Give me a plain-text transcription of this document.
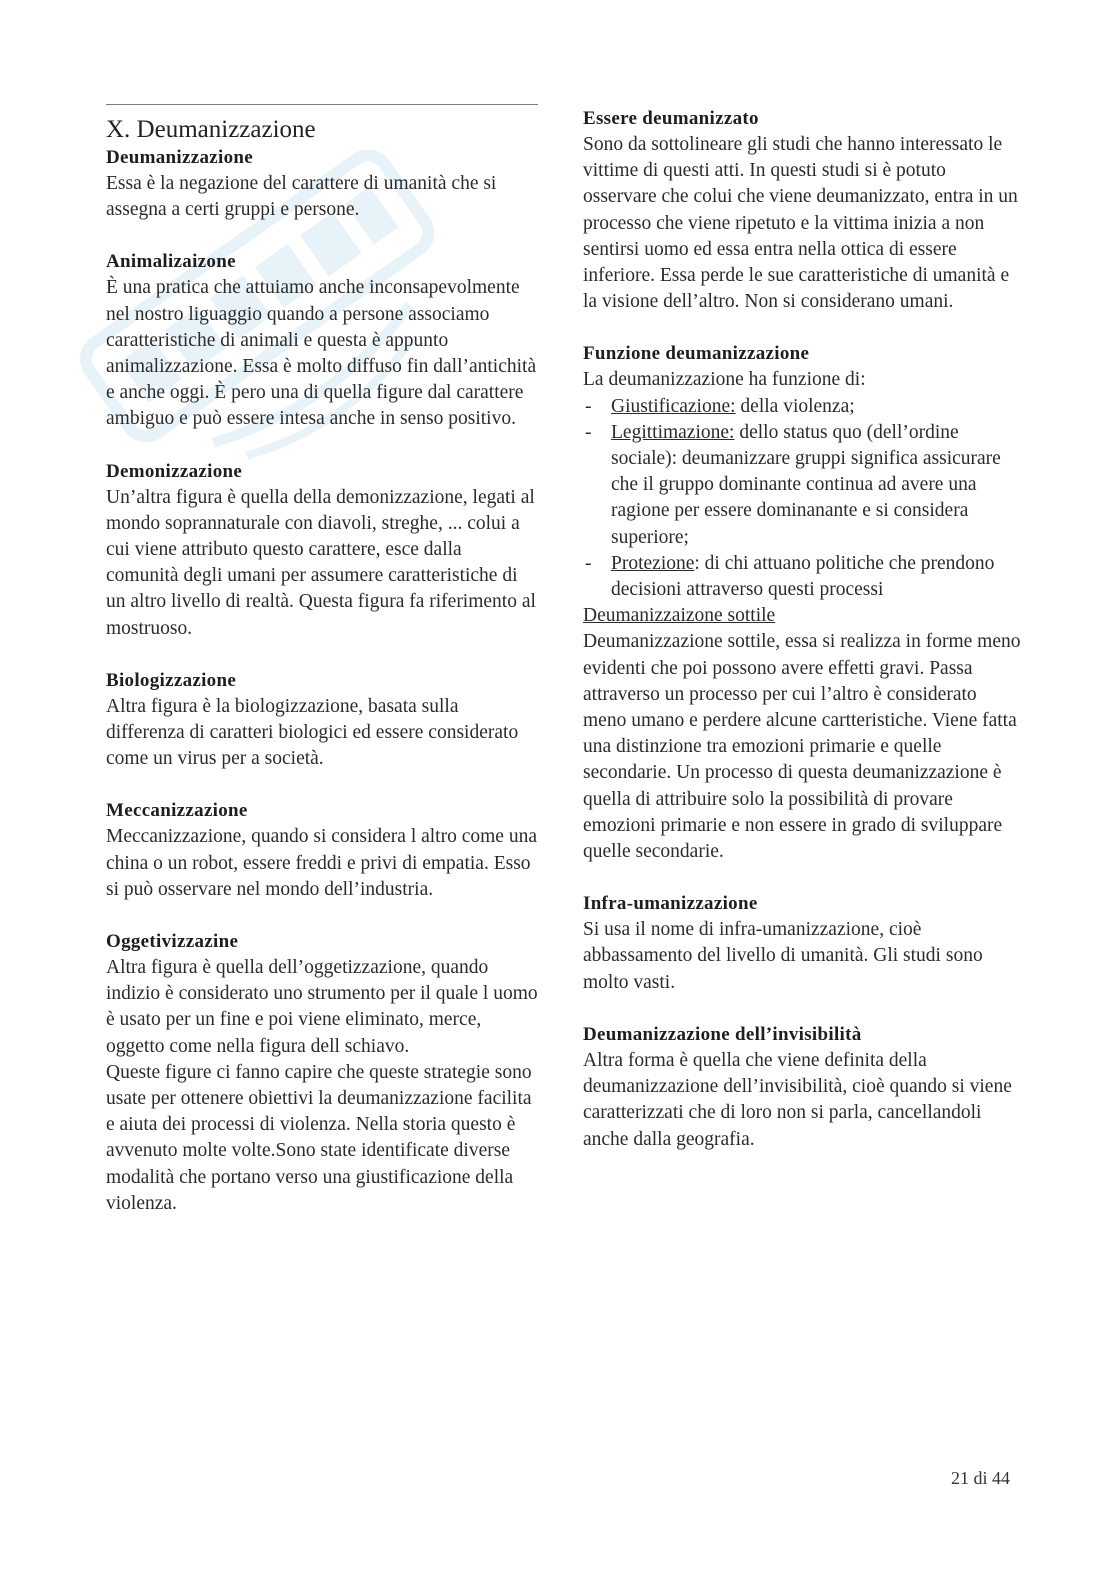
X. Deumanizzazione
Deumanizzazione

Essa è la negazione del carattere di umanità che si assegna a certi gruppi e persone.

Animalizaizone

È una pratica che attuiamo anche inconsapevolmente nel nostro liguaggio quando a persone associamo caratteristiche di animali e questa è appunto animalizzazione. Essa è molto diffuso fin dall’antichità e anche oggi. È pero una di quella figure dal carattere ambiguo e può essere intesa anche in senso positivo.

Demonizzazione

Un’altra figura è quella della demonizzazione, legati al mondo soprannaturale con diavoli, streghe, ... colui a cui viene attributo questo carattere, esce dalla comunità degli umani per assumere caratteristiche di un altro livello di realtà. Questa figura fa riferimento al mostruoso.

Biologizzazione

Altra figura è la biologizzazione, basata sulla differenza di caratteri biologici ed essere considerato come un virus per a società.

Meccanizzazione

Meccanizzazione, quando si considera l altro come una china o un robot, essere freddi e privi di empatia. Esso si può osservare nel mondo dell’industria.

Oggetivizzazine

Altra figura è quella dell’oggetizzazione, quando indizio è considerato uno strumento per il quale l uomo è usato per un fine e poi viene eliminato, merce, oggetto come nella figura dell schiavo.

Queste figure ci fanno capire che queste strategie sono usate per ottenere obiettivi la deumanizzazione facilita e aiuta dei processi di violenza. Nella storia questo è avvenuto molte volte.Sono state identificate diverse modalità che portano verso una giustificazione della violenza.

Essere deumanizzato

Sono da sottolineare gli studi che hanno interessato le vittime di questi atti. In questi studi si è potuto osservare che colui che viene deumanizzato, entra in un processo che viene ripetuto e la vittima inizia a non sentirsi uomo ed essa entra nella ottica di essere inferiore. Essa perde le sue caratteristiche di umanità e la visione dell’altro. Non si considerano umani.

Funzione deumanizzazione

La deumanizzazione ha funzione di:

- Giustificazione: della violenza;
- Legittimazione: dello status quo (dell’ordine sociale): deumanizzare gruppi significa assicurare che il gruppo dominante continua ad avere una ragione per essere dominanante e si considera superiore;
- Protezione: di chi attuano politiche che prendono decisioni attraverso questi processi

Deumanizzaizone sottile

Deumanizzazione sottile, essa si realizza in forme meno evidenti che poi possono avere effetti gravi. Passa attraverso un processo per cui l’altro è considerato meno umano e perdere alcune cartteristiche. Viene fatta una distinzione tra emozioni primarie e quelle secondarie. Un processo di questa deumanizzazione è quella di attribuire solo la possibilità di provare emozioni primarie e non essere in grado di sviluppare quelle secondarie.

Infra-umanizzazione

Si usa il nome di infra-umanizzazione, cioè abbassamento del livello di umanità. Gli studi sono molto vasti.

Deumanizzazione dell’invisibilità

Altra forma è quella che viene definita della deumanizzazione dell’invisibilità, cioè quando si viene caratterizzati che di loro non si parla, cancellandoli anche dalla geografia.

21 di 44
